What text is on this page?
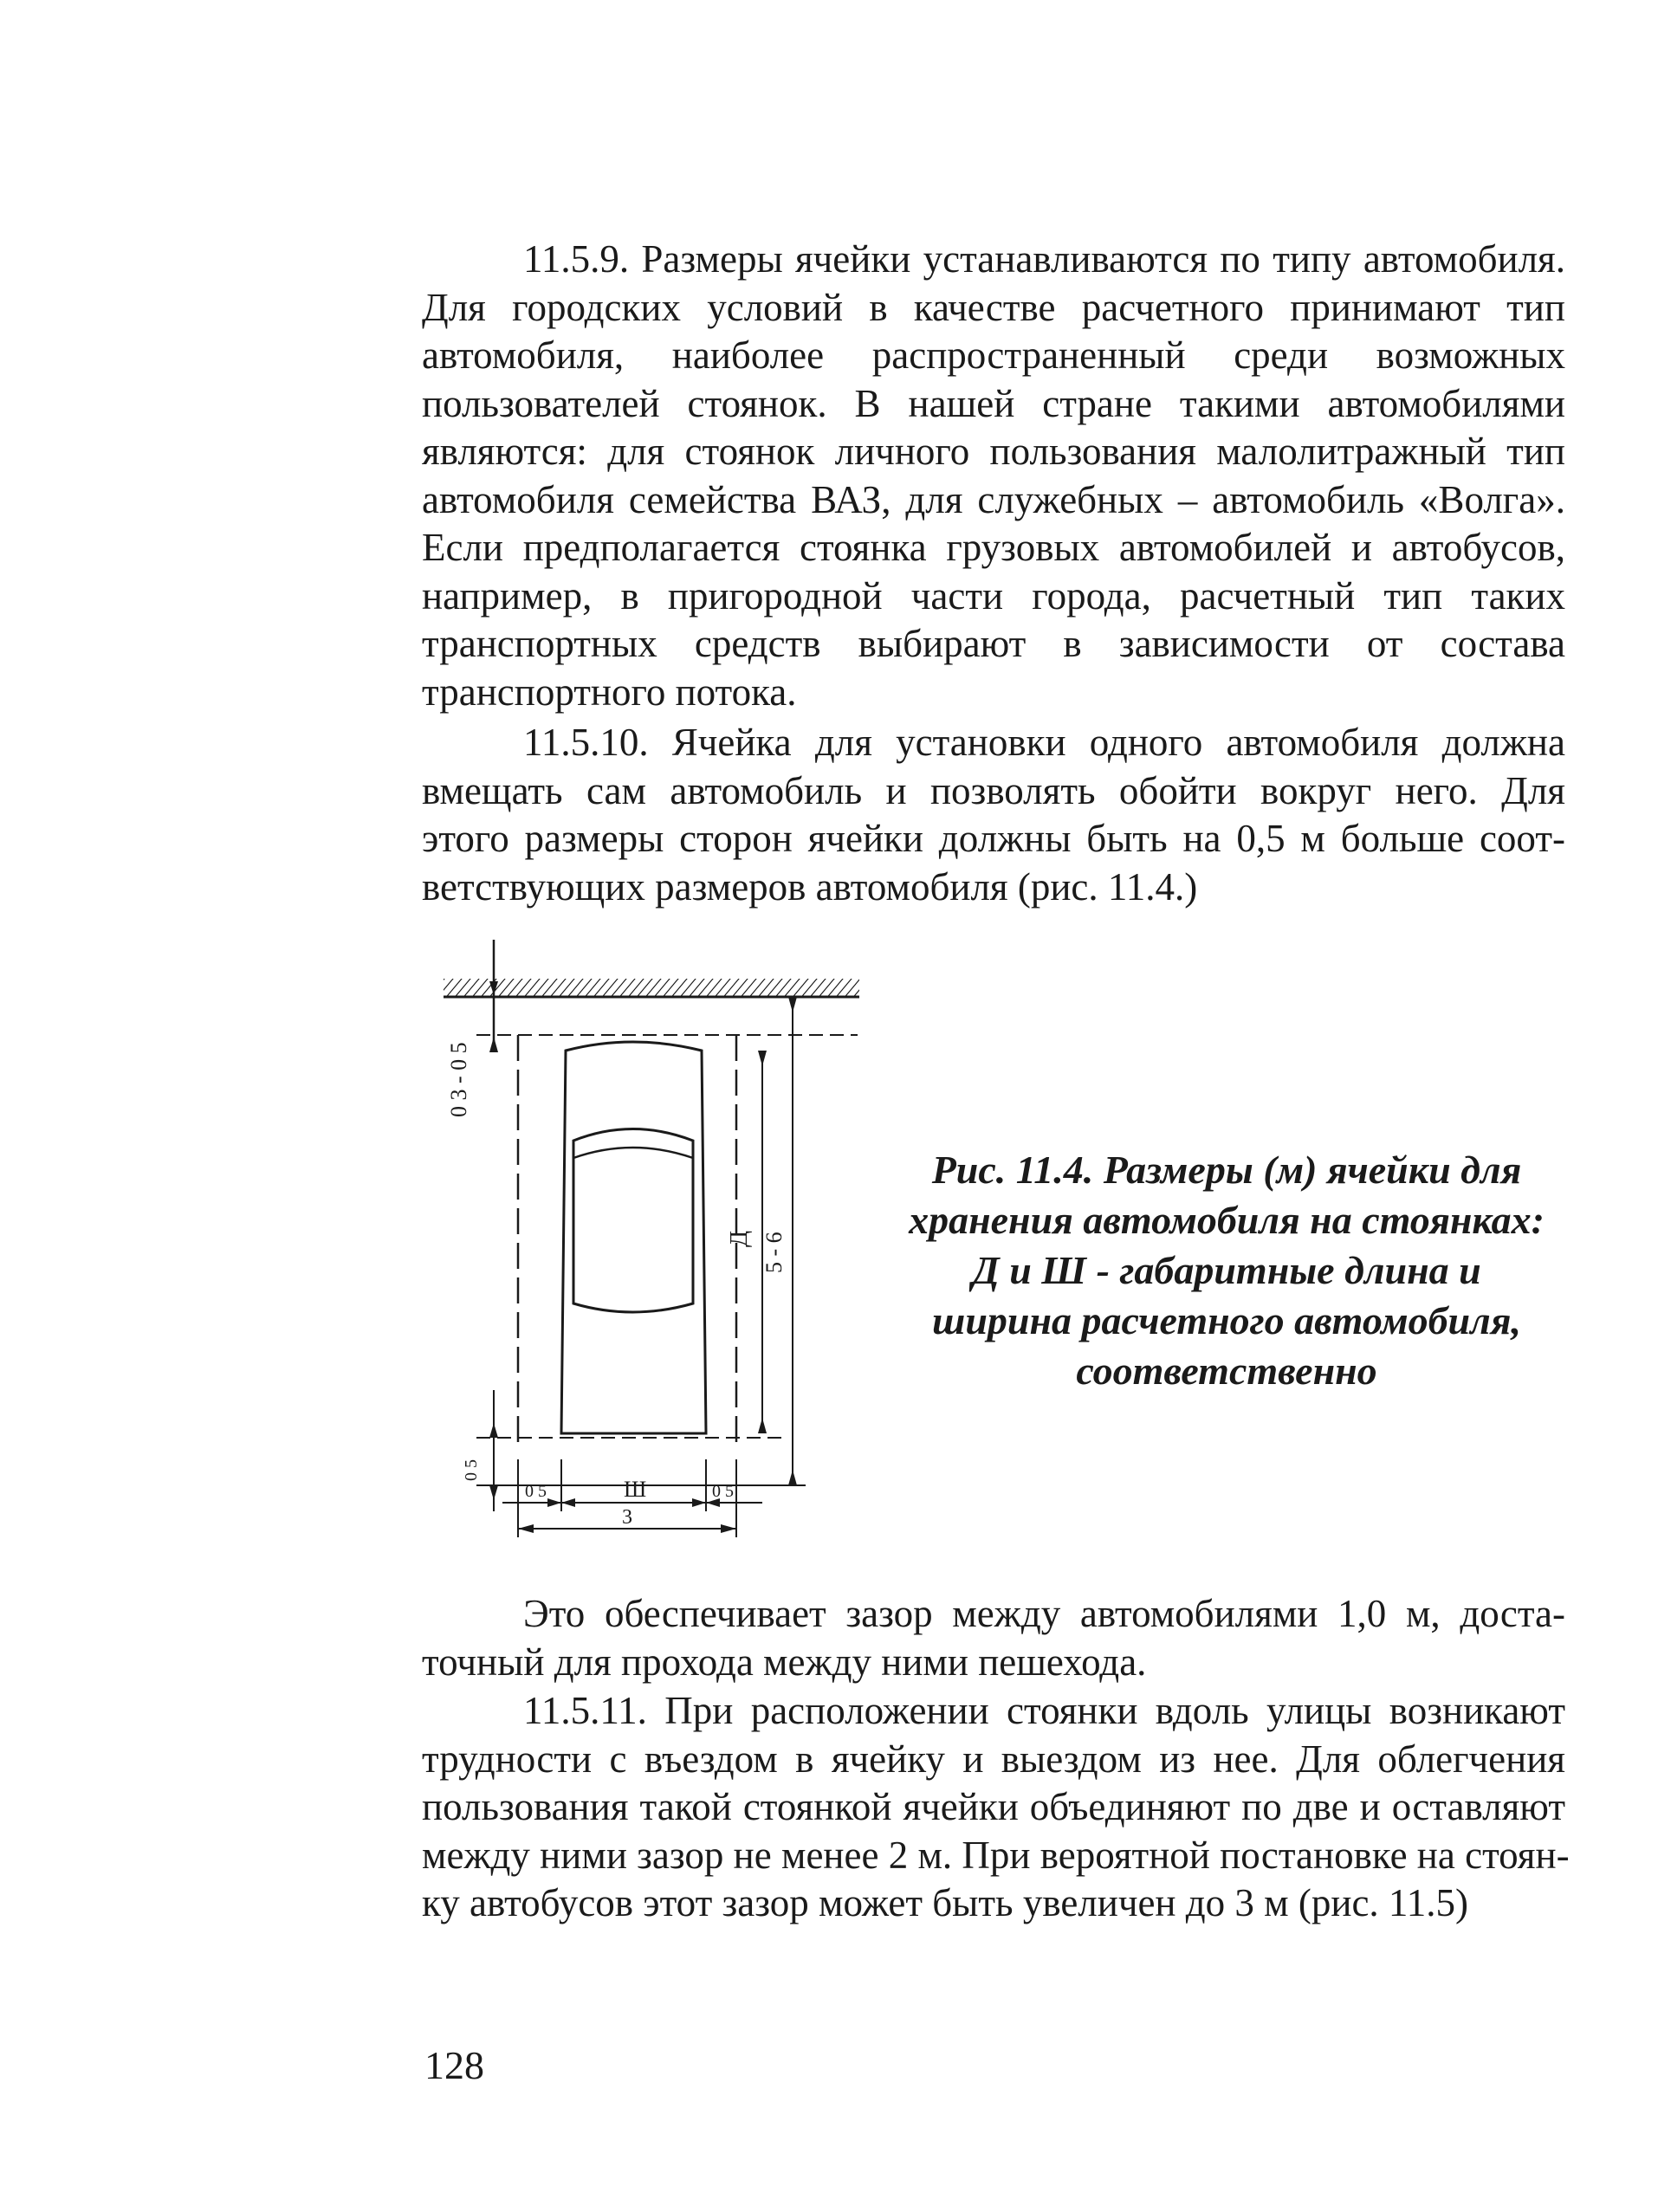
11.5.9. Размеры ячейки устанавливаются по типу автомобиля.
Для городских условий в качестве расчетного принимают тип
автомобиля, наиболее распространенный среди возможных
пользователей стоянок. В нашей стране такими автомобилями
являются: для стоянок личного пользования малолитражный тип
автомобиля семейства ВАЗ, для служебных – автомобиль «Волга».
Если предполагается стоянка грузовых автомобилей и автобусов,
например, в пригородной части города, расчетный тип таких
транспортных средств выбирают в зависимости от состава
транспортного потока.
11.5.10. Ячейка для установки одного автомобиля должна
вмещать сам автомобиль и позволять обойти вокруг него. Для
этого размеры сторон ячейки должны быть на 0,5 м больше соот-
ветствующих размеров автомобиля (рис. 11.4.)
0 3 - 0 5
Д 5 - 6
0 5
0 5	Ш	0 5
3

Рис. 11.4. Размеры (м) ячейки для
хранения автомобиля на стоянках:
Д и Ш - габаритные длина и
ширина расчетного автомобиля,
соответственно

Это обеспечивает зазор между автомобилями 1,0 м, доста-
точный для прохода между ними пешехода.
11.5.11. При расположении стоянки вдоль улицы возникают
трудности с въездом в ячейку и выездом из нее. Для облегчения
пользования такой стоянкой ячейки объединяют по две и оставляют
между ними зазор не менее 2 м. При вероятной постановке на стоян-
ку автобусов этот зазор может быть увеличен до 3 м (рис. 11.5)
128
